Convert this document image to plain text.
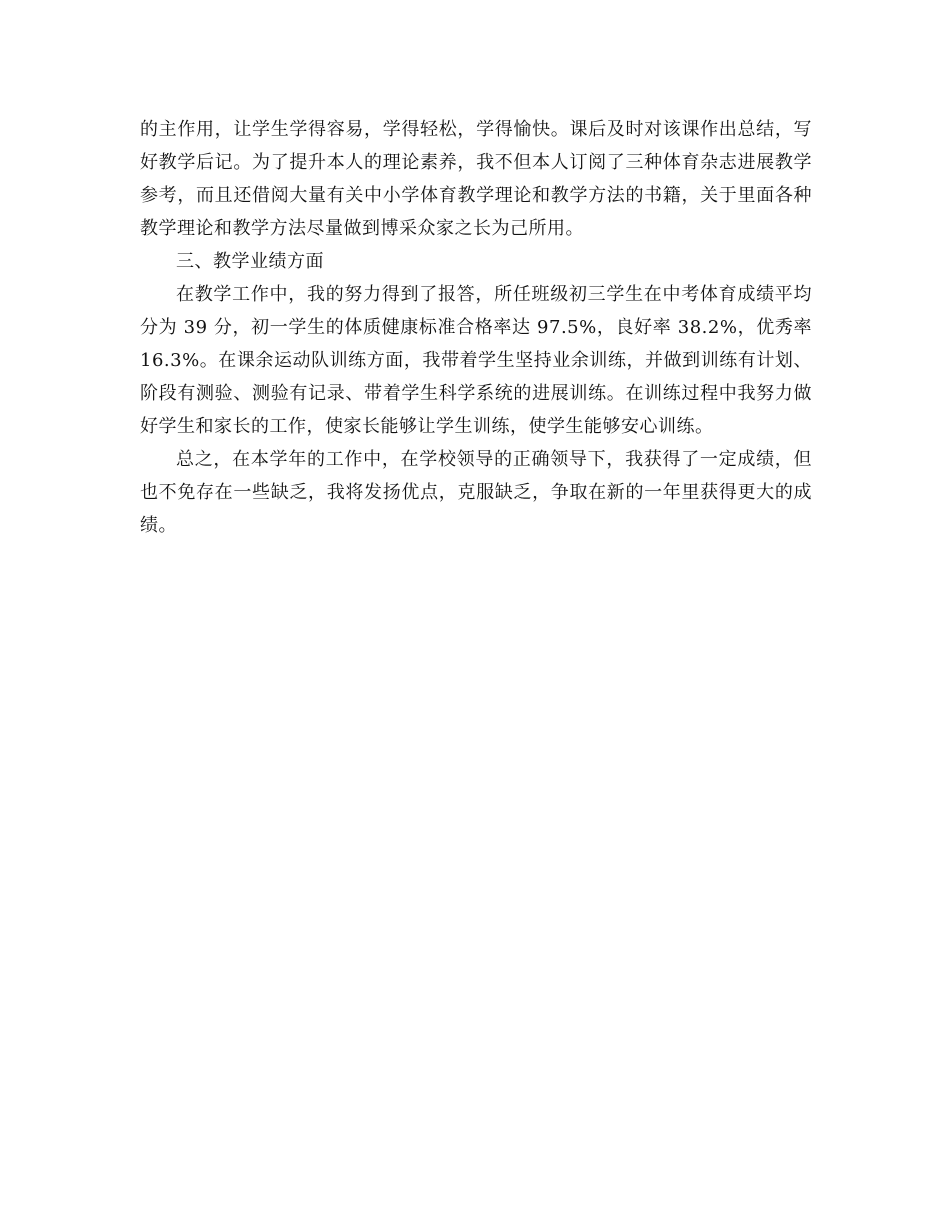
的主作用，让学生学得容易，学得轻松，学得愉快。课后及时对该课作出总结，写
好教学后记。为了提升本人的理论素养，我不但本人订阅了三种体育杂志进展教学
参考，而且还借阅大量有关中小学体育教学理论和教学方法的书籍，关于里面各种
教学理论和教学方法尽量做到博采众家之长为己所用。
三、教学业绩方面
在教学工作中，我的努力得到了报答，所任班级初三学生在中考体育成绩平均
分为 39 分，初一学生的体质健康标准合格率达 97.5%，良好率 38.2%，优秀率
16.3%。在课余运动队训练方面，我带着学生坚持业余训练，并做到训练有计划、
阶段有测验、测验有记录、带着学生科学系统的进展训练。在训练过程中我努力做
好学生和家长的工作，使家长能够让学生训练，使学生能够安心训练。
总之，在本学年的工作中，在学校领导的正确领导下，我获得了一定成绩，但
也不免存在一些缺乏，我将发扬优点，克服缺乏，争取在新的一年里获得更大的成
绩。
